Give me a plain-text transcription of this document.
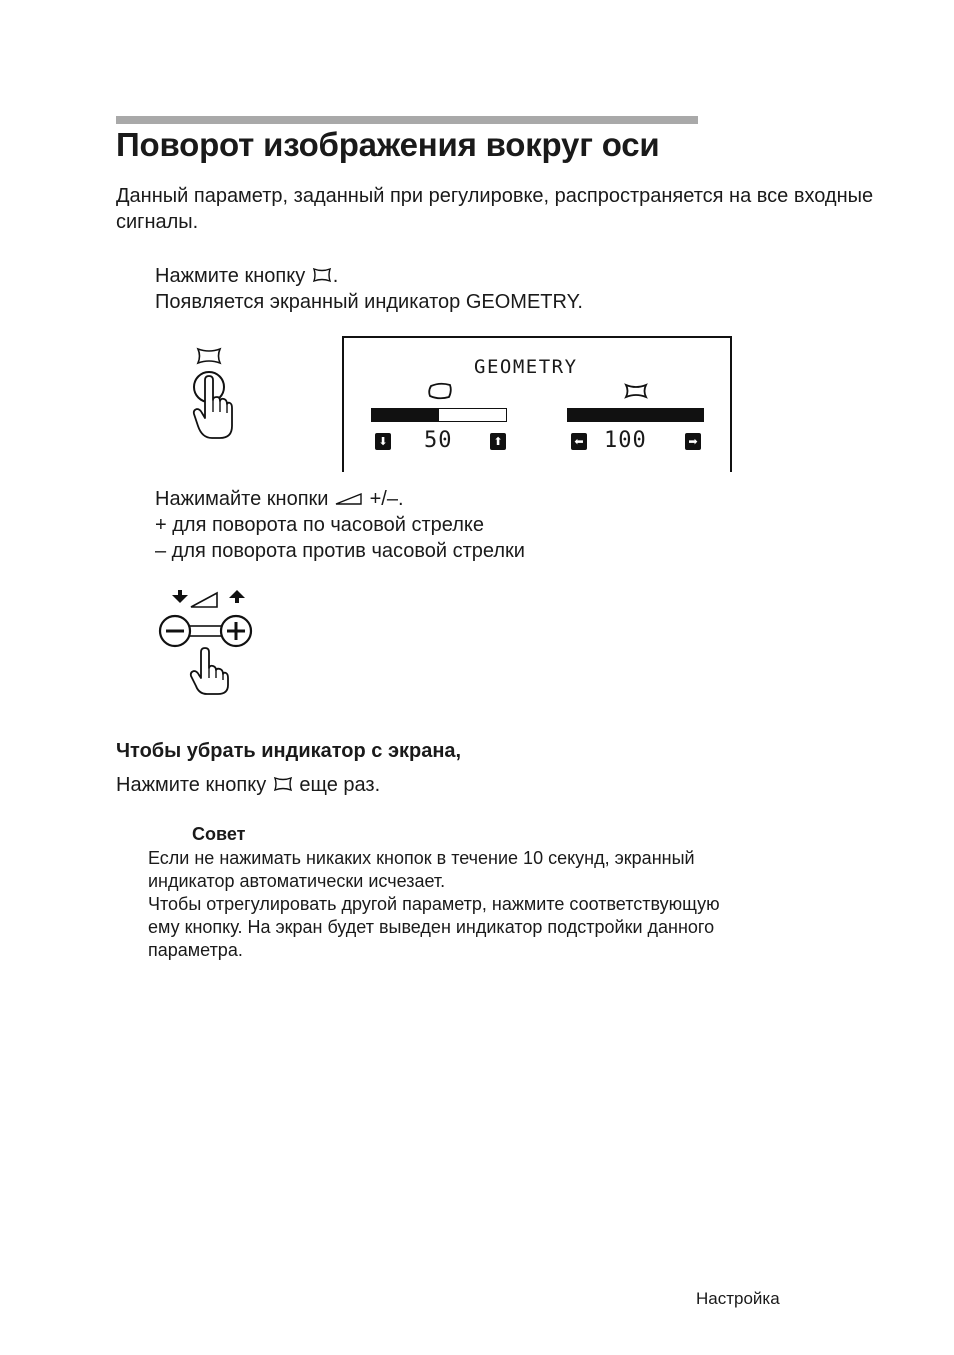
Поворот изображения вокруг оси
Данный параметр, заданный при регулировке, распространяется на все входные сигналы.
Нажмите кнопку .
Появляется экранный индикатор GEOMETRY.
GEOMETRY
⬇ 50	⬆	⬅ 100	➡
Нажимайте кнопки +/–.
+ для поворота по часовой стрелке
– для поворота против часовой стрелки
Чтобы убрать индикатор с экрана,
Нажмите кнопку еще раз.
Совет
Если не нажимать никаких кнопок в течение 10 секунд, экранный
индикатор автоматически исчезает.
Чтобы отрегулировать другой параметр, нажмите соответствующую
ему кнопку. На экран будет выведен индикатор подстройки данного
параметра.
Настройка
